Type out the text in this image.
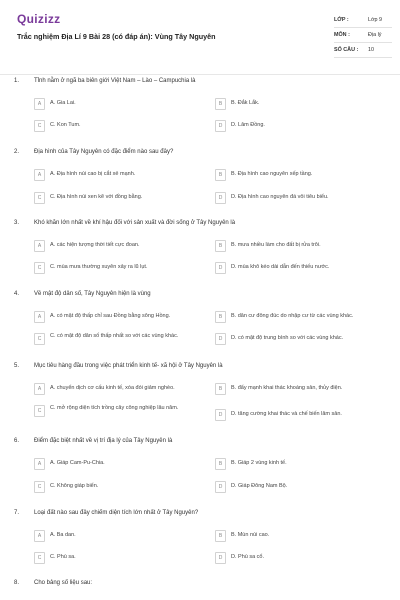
Quizizz
Trắc nghiệm Địa Lí 9 Bài 28 (có đáp án): Vùng Tây Nguyên
LỚP :	Lớp 9
MÔN :	Địa lý
SỐ CÂU : 10
1. Tỉnh nằm ở ngã ba biên giới Việt Nam – Lào – Campuchia là
A	A. Gia Lai.	B	B. Đắk Lắk.
C	C. Kon Tum.	D	D. Lâm Đồng.
2. Địa hình của Tây Nguyên có đặc điểm nào sau đây?
A	A. Địa hình núi cao bị cắt xẻ mạnh.	B	B. Địa hình cao nguyên xếp tầng.
C	C. Địa hình núi xen kẽ với đồng bằng.	D	D. Địa hình cao nguyên đá vôi tiêu biểu.
3. Khó khăn lớn nhất về khí hậu đối với sản xuất và đời sống ở Tây Nguyên là
A	A. các hiện tượng thời tiết cực đoan.	B	B. mưa nhiều làm cho đất bị rửa trôi.
C	C. mùa mưa thường xuyên xảy ra lũ lụt.	D	D. mùa khô kéo dài dẫn đến thiếu nước.
4. Về mật độ dân số, Tây Nguyên hiện là vùng
A	A. có mật độ thấp chỉ sau Đồng bằng sông Hồng.	B	B. dân cư đông đúc do nhập cư từ các vùng khác.
C	C. có mật độ dân số thấp nhất so với các vùng khác.	D	D. có mật độ trung bình so với các vùng khác.
5. Mục tiêu hàng đầu trong việc phát triển kinh tế- xã hội ở Tây Nguyên là
A	A. chuyển dịch cơ cấu kinh tế, xóa đói giảm nghèo.	B	B. đẩy mạnh khai thác khoáng sản, thủy điện.
C	C. mở rộng diện tích trồng cây công nghiệp lâu năm.
D	D. tăng cường khai thác và chế biến lâm sản.
6. Điểm đặc biệt nhất về vị trí địa lý của Tây Nguyên là
A	A. Giáp Cam-Pu-Chia.	B	B. Giáp 2 vùng kinh tế.
C	C. Không giáp biển.	D	D. Giáp Đông Nam Bộ.
7. Loại đất nào sau đây chiếm diện tích lớn nhất ở Tây Nguyên?
A	A. Ba dan.	B	B. Mùn núi cao.
C	C. Phù sa.	D	D. Phù sa cổ.
8. Cho bảng số liệu sau:
